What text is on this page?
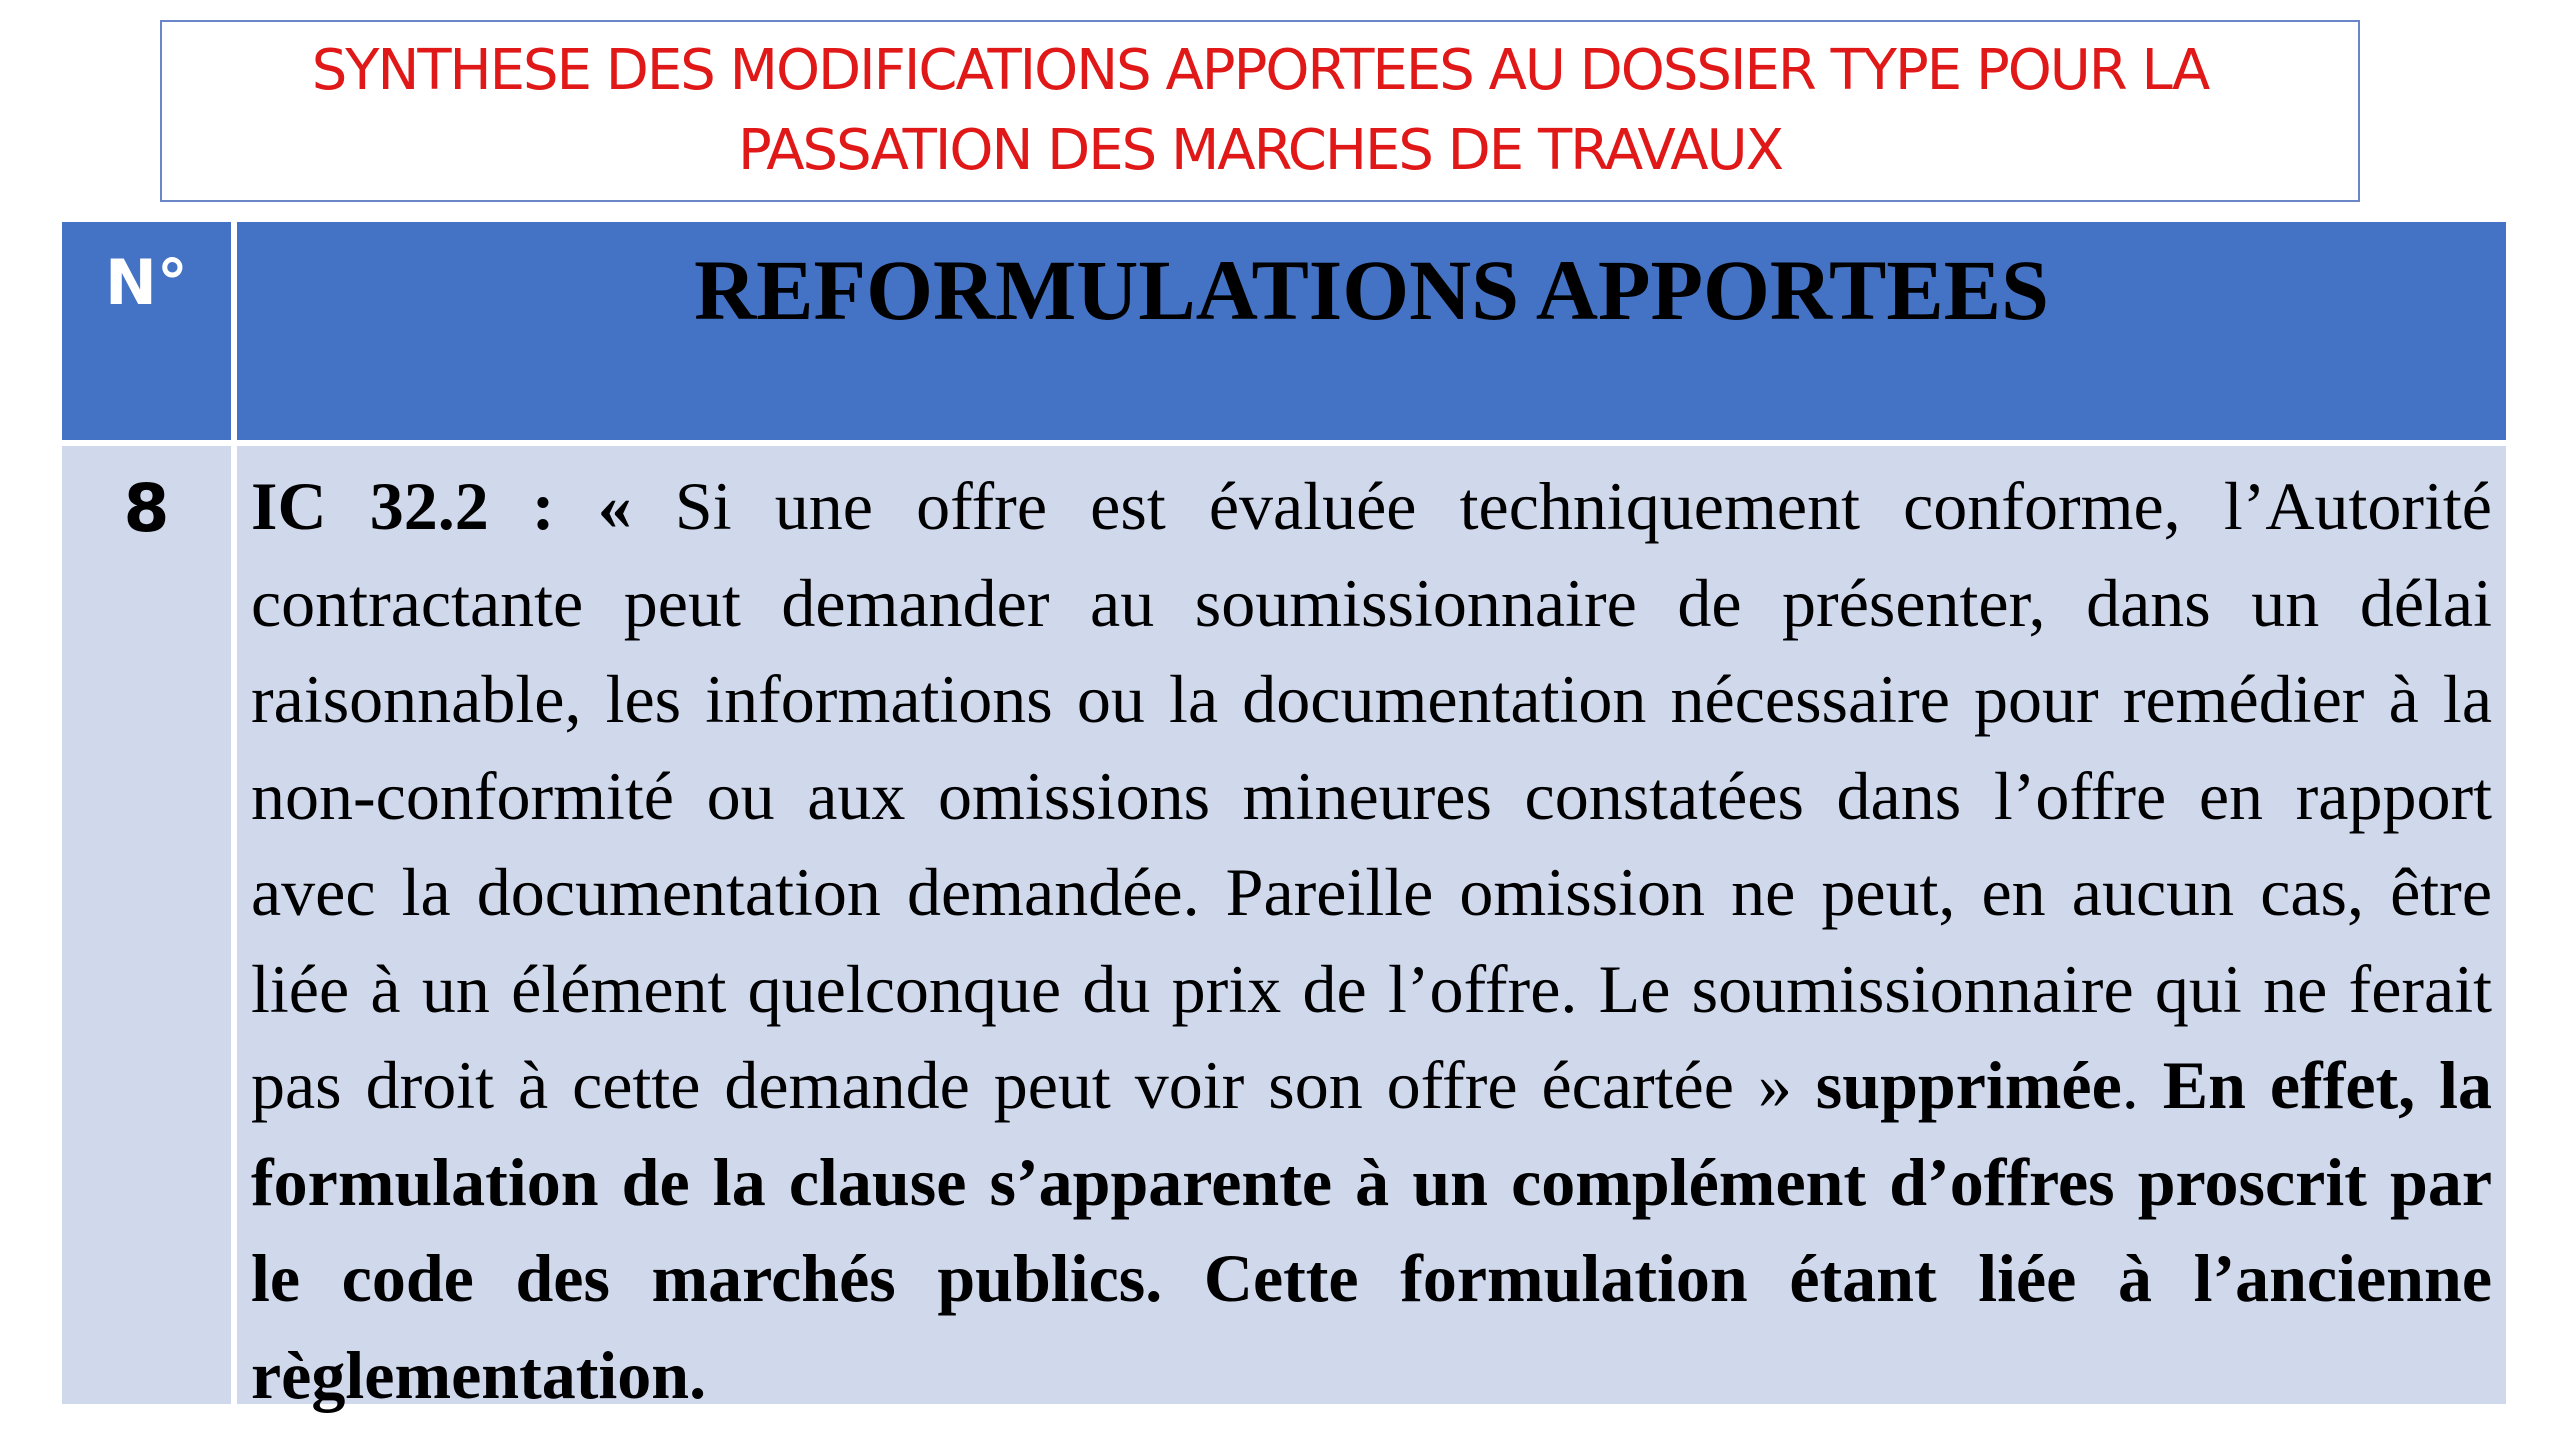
SYNTHESE DES MODIFICATIONS APPORTEES AU DOSSIER TYPE POUR LA
PASSATION DES MARCHES DE TRAVAUX

N°	REFORMULATIONS APPORTEES
8	IC 32.2 : « Si une offre est évaluée techniquement conforme, l’Autorité contractante peut demander au soumissionnaire de présenter, dans un délai raisonnable, les informations ou la documentation nécessaire pour remédier à la non-conformité ou aux omissions mineures constatées dans l’offre en rapport avec la documentation demandée. Pareille omission ne peut, en aucun cas, être liée à un élément quelconque du prix de l’offre. Le soumissionnaire qui ne ferait pas droit à cette demande peut voir son offre écartée » supprimée. En effet, la formulation de la clause s’apparente à un complément d’offres proscrit par le code des marchés publics. Cette formulation étant liée à l’ancienne règlementation.
